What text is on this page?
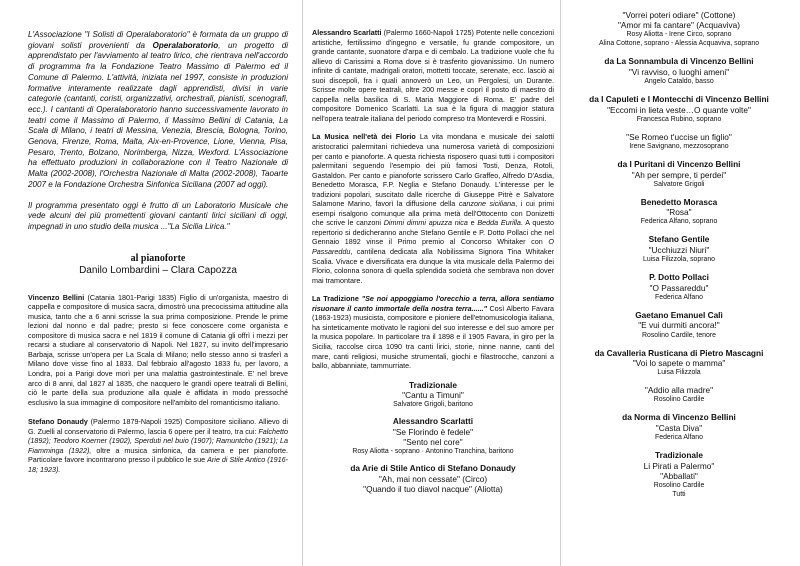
L'Associazione "I Solisti di Operalaboratorio" è formata da un gruppo di giovani solisti provenienti da Operalaboratorio, un progetto di apprendistato per l'avviamento al teatro lirico, che rientrava nell'accordo di programma fra la Fondazione Teatro Massimo di Palermo ed il Comune di Palermo. L'attività, iniziata nel 1997, consiste in produzioni formative interamente realizzate dagli apprendisti, divisi in varie categorie (cantanti, coristi, organizzativi, orchestrali, pianisti, scenografi, ecc.). I cantanti di Operalaboratorio hanno successivamente lavorato in teatri come il Massimo di Palermo, il Massimo Bellini di Catania, La Scala di Milano, i teatri di Messina, Venezia, Brescia, Bologna, Torino, Genova, Firenze, Roma, Malta, Aix-en-Provence, Lione, Vienna, Pisa, Pesaro, Trento, Bolzano, Norimberga, Nizza, Wexford. L'Associazione ha effettuato produzioni in collaborazione con il Teatro Nazionale di Malta (2002-2008), l'Orchestra Nazionale di Malta (2002-2008), Taoarte 2007 e la Fondazione Orchestra Sinfonica Siciliana (2007 ad oggi).

Il programma presentato oggi è frutto di un Laboratorio Musicale che vede alcuni dei più promettenti giovani cantanti lirici siciliani di oggi, impegnati in uno studio della musica ..."La Sicilia Lirica."

al pianoforte
Danilo Lombardini – Clara Capozza

Vincenzo Bellini (Catania 1801-Parigi 1835) Figlio di un'organista, maestro di cappella e compositore di musica sacra, dimostrò una precocissima attitudine alla musica, tanto che a 6 anni scrisse la sua prima composizione. Prende le prime lezioni dal nonno e dal padre; presto si fece conoscere come organista e compositore di musica sacra e nel 1819 il comune di Catania gli offrì i mezzi per recarsi a studiare al conservatorio di Napoli. Nel 1827, su invito dell'impresario Barbaja, scrisse un'opera per La Scala di Milano; nello stesso anno si trasferì a Milano dove visse fino al 1833. Dal febbraio all'agosto 1833 fu, per lavoro, a Londra, poi a Parigi dove morì per una malattia gastrointestinale. E' nel breve arco di 8 anni, dal 1827 al 1835, che nacquero le grandi opere teatrali di Bellini, ciò le parte della sua produzione alla quale è affidata in modo pressoché esclusivo la sua immagine di compositore nell'ambito del romanticismo italiano.

Stefano Donaudy (Palermo 1879-Napoli 1925) Compositore siciliano. Allievo di G. Zuelli al conservatorio di Palermo, lascia 6 opere per il teatro, tra cui: Falchetto (1892); Teodoro Koerner (1902), Sperduti nel buio (1907); Ramuntcho (1921); La Fiamminga (1922), oltre a musica sinfonica, da camera e per pianoforte. Particolare favore incontrarono presso il pubblico le sue Arie di Stile Antico (1916-18; 1923).

Alessandro Scarlatti (Palermo 1660-Napoli 1725) Potente nelle concezioni artistiche, fertilissimo d'ingegno e versatile, fu grande compositore, un grande cantante, suonatore d'arpa e di cembalo. La tradizione vuole che fu allievo di Carissimi a Roma dove si è trasferito giovanissimo. Un numero infinite di cantate, madrigali oratori, mottetti toccate, serenate, ecc. lasciò ai suoi discepoli, fra i quali annoverò un Leo, un Pergolesi, un Durante. Scrisse molte opere teatrali, oltre 200 messe e coprì il posto di maestro di cappella nella basilica di S. Maria Maggiore di Roma. E' padre del compositore Domenico Scarlatti. La sua è la figura di maggior statura nell'opera teatrale italiana del periodo compreso tra Monteverdi e Rossini.

La Musica nell'età dei Florio La vita mondana e musicale dei salotti aristocratici palermitani richiedeva una numerosa varietà di composizioni per canto e pianoforte. A questa richiesta risposero quasi tutti i compositori palermitani seguendo l'esempio dei più famosi Tosti, Denza, Rotoli, Gastaldon. Per canto e pianoforte scrissero Carlo Graffeo, Alfredo D'Asdia, Benedetto Morasca, F.P. Neglia e Stefano Donaudy. L'interesse per le tradizioni popolari, suscitato dalle ricerche di Giuseppe Pitrè e Salvatore Salamone Marino, favorì la diffusione della canzone siciliana, i cui primi esempi risalgono comunque alla prima metà dell'Ottocento con Donizetti che scrive le canzoni Dimmi dimmi apuzza nica e Bedda Eurilla. A questo repertorio si dedicheranno anche Stefano Gentile e P. Dotto Pollaci che nel Gennaio 1892 vinse il Primo premio al Concorso Whitaker con O Passareddu, cantilena dedicata alla Nobilissima Signora Tina Whitaker Scalia. Vivace e diversificata era dunque la vita musicale della Palermo dei Florio, colonna sonora di quella splendida società che sembrava non dover mai tramontare.

La Tradizione "Se noi appoggiamo l'orecchio a terra, allora sentiamo risuonare il canto immortale della nostra terra......" Così Alberto Favara (1863-1923) musicista, compositore e pioniere dell'etnomusicologia italiana, ha sinteticamente motivato le ragioni del suo interesse e del suo amore per la musica popolare. In particolare tra il 1898 e il 1905 Favara, in giro per la Sicilia, raccolse circa 1090 tra canti lirici, storie, ninne nanne, canti del mare, canti religiosi, musiche strumentali, giochi e filastrocche, canzoni a ballo, abbanniate, tammurriate.

Tradizionale
"Cantu a Timuni"
Salvatore Grigoli, baritono
Alessandro Scarlatti
"Se Florindo è fedele"
"Sento nel core"
Rosy Aliotta - soprano · Antonino Tranchina, baritono
da Arie di Stile Antico di Stefano Donaudy
"Ah, mai non cessate" (Circo)
"Quando il tuo diavol nacque" (Aliotta)
"Vorrei poteri odiare" (Cottone)
"Amor mi fa cantare" (Acquaviva)
Rosy Aliotta - Irene Circo, soprano
Alina Cottone, soprano - Alessia Acquaviva, soprano
da La Sonnambula di Vincenzo Bellini
"Vi ravviso, o luoghi ameni"
Angelo Cataldo, basso
da I Capuleti e I Montecchi di Vincenzo Bellini
"Eccomi in lieta veste…O quante volte"
Francesca Rubino, soprano
"Se Romeo t'uccise un figlio"
Irene Savignano, mezzosoprano
da I Puritani di Vincenzo Bellini
"Ah per sempre, ti perdei"
Salvatore Grigoli
Benedetto Morasca
"Rosa"
Federica Alfano, soprano
Stefano Gentile
"Ucchiuzzi Niuri"
Luisa Filizzola, soprano
P. Dotto Pollaci
"O Passareddu"
Federica Alfano
Gaetano Emanuel Calì
"E vui durmiti ancora!"
Rosolino Cardile, tenore
da Cavalleria Rusticana di Pietro Mascagni
"Voi lo sapete o mamma"
Luisa Filizzola
"Addio alla madre"
Rosolino Cardile
da Norma di Vincenzo Bellini
"Casta Diva"
Federica Alfano
Tradizionale
Li Pirati a Palermo"
"Abballati"
Rosolino Cardile
Tutti
